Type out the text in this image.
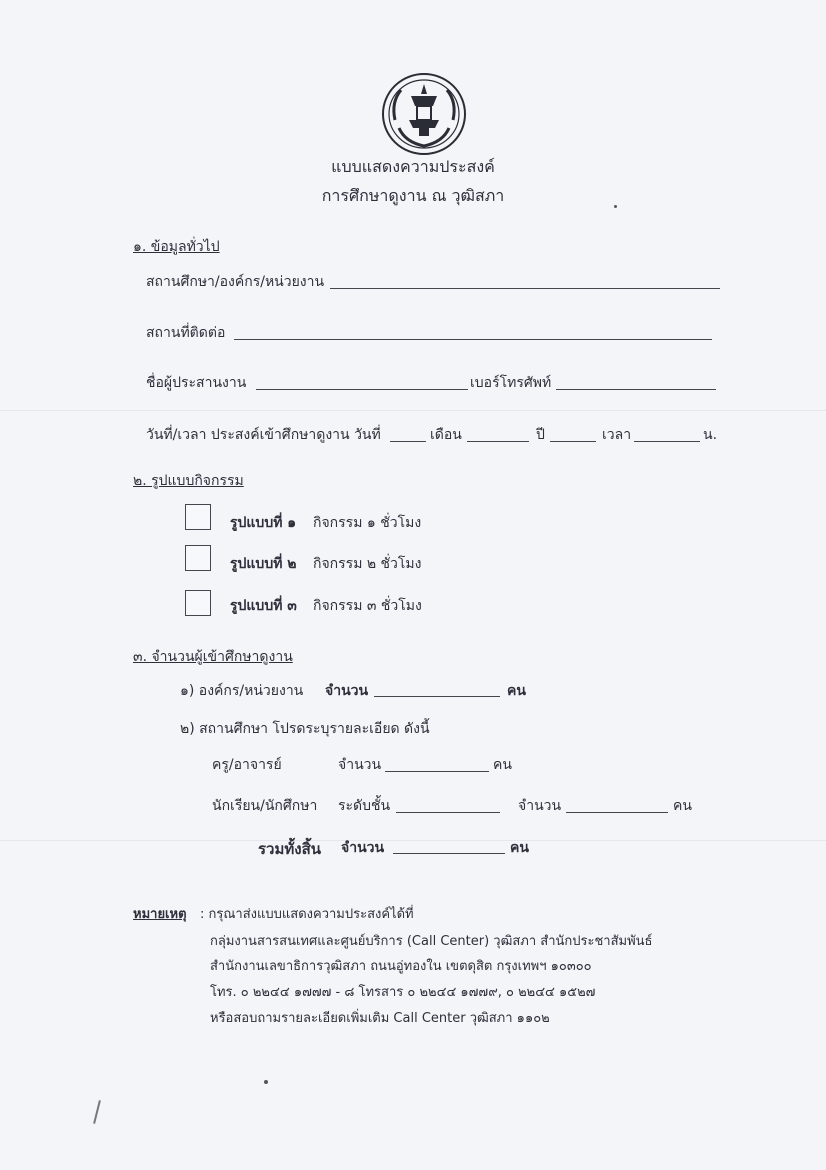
แบบแสดงความประสงค์
การศึกษาดูงาน ณ วุฒิสภา
๑. ข้อมูลทั่วไป
สถานศึกษา/องค์กร/หน่วยงาน
สถานที่ติดต่อ
ชื่อผู้ประสานงาน	เบอร์โทรศัพท์
วันที่/เวลา ประสงค์เข้าศึกษาดูงาน วันที่	เดือน	ปี	เวลา	น.
๒. รูปแบบกิจกรรม
รูปแบบที่ ๑ กิจกรรม ๑ ชั่วโมง
รูปแบบที่ ๒ กิจกรรม ๒ ชั่วโมง
รูปแบบที่ ๓ กิจกรรม ๓ ชั่วโมง
๓. จำนวนผู้เข้าศึกษาดูงาน
๑) องค์กร/หน่วยงาน จำนวน	คน
๒) สถานศึกษา โปรดระบุรายละเอียด ดังนี้
ครู/อาจารย์	จำนวน	คน
นักเรียน/นักศึกษา ระดับชั้น	จำนวน	คน
รวมทั้งสิ้น จำนวน	คน
หมายเหตุ : กรุณาส่งแบบแสดงความประสงค์ได้ที่
กลุ่มงานสารสนเทศและศูนย์บริการ (Call Center) วุฒิสภา สำนักประชาสัมพันธ์
สำนักงานเลขาธิการวุฒิสภา ถนนอู่ทองใน เขตดุสิต กรุงเทพฯ ๑๐๓๐๐
โทร. ๐ ๒๒๔๔ ๑๗๗๗ - ๘ โทรสาร ๐ ๒๒๔๔ ๑๗๗๙, ๐ ๒๒๔๔ ๑๕๒๗
หรือสอบถามรายละเอียดเพิ่มเติม Call Center วุฒิสภา ๑๑๐๒
